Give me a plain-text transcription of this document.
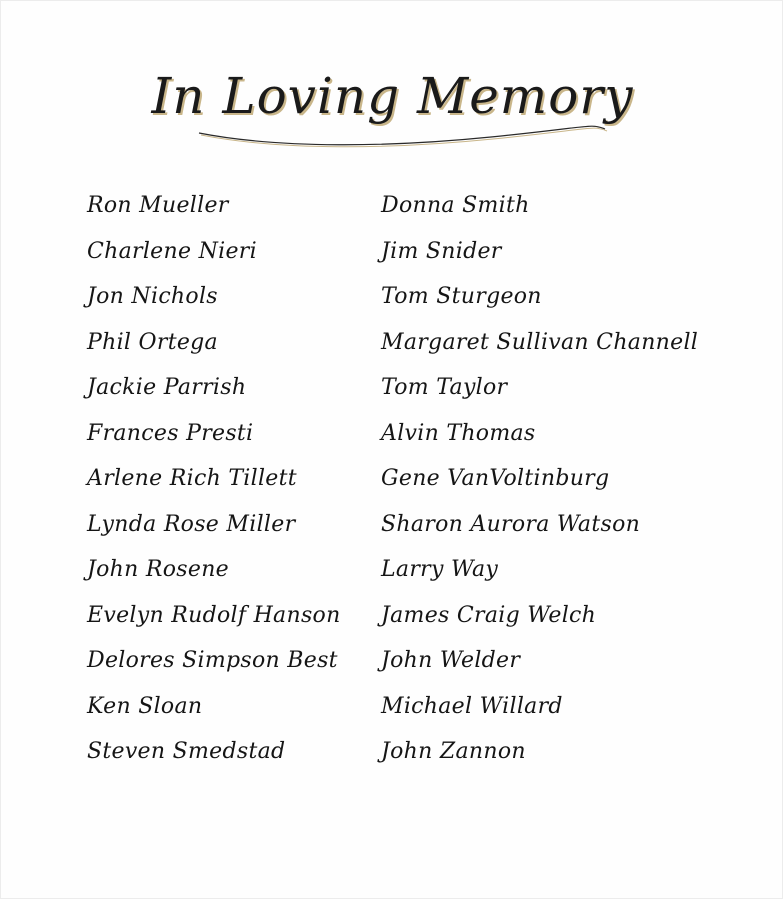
In Loving Memory
Ron Mueller
Charlene Nieri
Jon Nichols
Phil Ortega
Jackie Parrish
Frances Presti
Arlene Rich Tillett
Lynda Rose Miller
John Rosene
Evelyn Rudolf Hanson
Delores Simpson Best
Ken Sloan
Steven Smedstad
Donna Smith
Jim Snider
Tom Sturgeon
Margaret Sullivan Channell
Tom Taylor
Alvin Thomas
Gene VanVoltinburg
Sharon Aurora Watson
Larry Way
James Craig Welch
John Welder
Michael Willard
John Zannon
